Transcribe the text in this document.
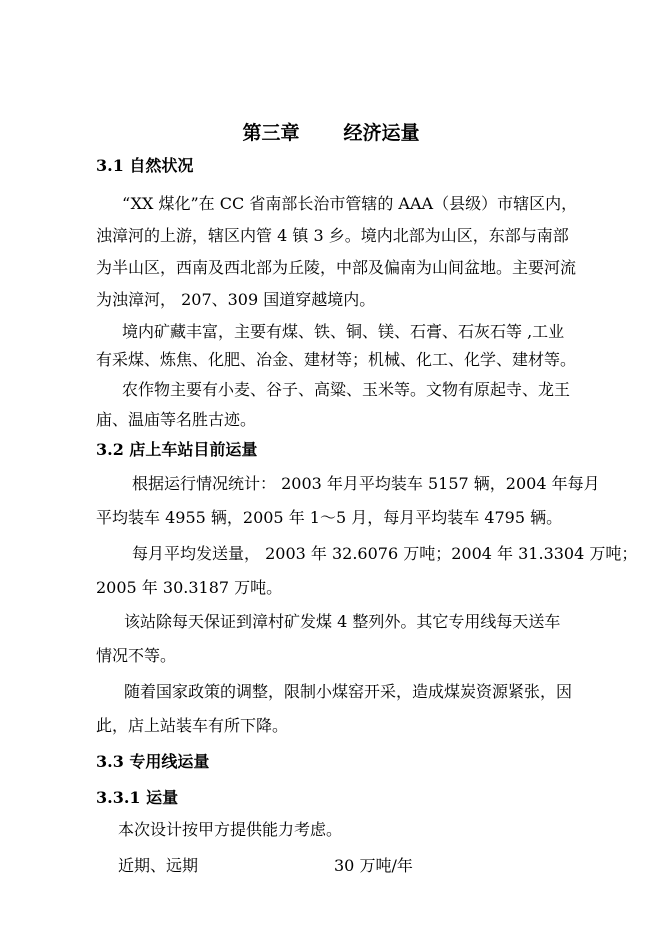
第三章 经济运量
3.1 自然状况
“XX 煤化”在 CC 省南部长治市管辖的 AAA（县级）市辖区内，
浊漳河的上游，辖区内管 4 镇 3 乡。境内北部为山区，东部与南部
为半山区，西南及西北部为丘陵，中部及偏南为山间盆地。主要河流
为浊漳河， 207、309 国道穿越境内。
境内矿藏丰富，主要有煤、铁、铜、镁、石膏、石灰石等 ,工业
有采煤、炼焦、化肥、冶金、建材等；机械、化工、化学、建材等。
农作物主要有小麦、谷子、高粱、玉米等。文物有原起寺、龙王
庙、温庙等名胜古迹。
3.2 店上车站目前运量
根据运行情况统计： 2003 年月平均装车 5157 辆，2004 年每月
平均装车 4955 辆，2005 年 1～5 月，每月平均装车 4795 辆。
每月平均发送量， 2003 年 32.6076 万吨；2004 年 31.3304 万吨；
2005 年 30.3187 万吨。
该站除每天保证到漳村矿发煤 4 整列外。其它专用线每天送车
情况不等。
随着国家政策的调整，限制小煤窑开采，造成煤炭资源紧张，因
此，店上站装车有所下降。
3.3 专用线运量
3.3.1 运量
本次设计按甲方提供能力考虑。
近期、远期	30 万吨/年
